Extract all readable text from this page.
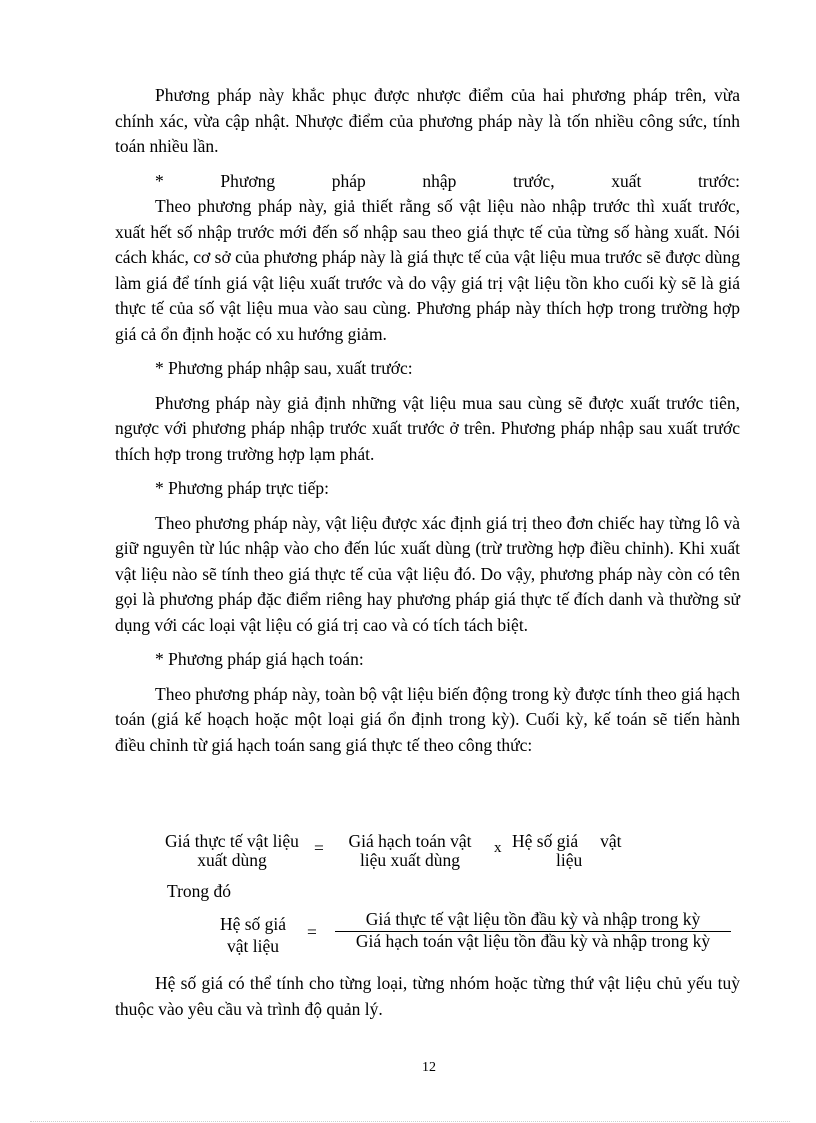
Phương pháp này khắc phục được nhược điểm của hai phương pháp trên, vừa chính xác, vừa cập nhật. Nhược điểm của phương pháp này là tốn nhiều công sức, tính toán nhiều lần.

* Phương pháp nhập trước, xuất trước:

Theo phương pháp này, giả thiết rằng số vật liệu nào nhập trước thì xuất trước, xuất hết số nhập trước mới đến số nhập sau theo giá thực tế của từng số hàng xuất. Nói cách khác, cơ sở của phương pháp này là giá thực tế của vật liệu mua trước sẽ được dùng làm giá để tính giá vật liệu xuất trước và do vậy giá trị vật liệu tồn kho cuối kỳ sẽ là giá thực tế của số vật liệu mua vào sau cùng. Phương pháp này thích hợp trong trường hợp giá cả ổn định hoặc có xu hướng giảm.

* Phương pháp nhập sau, xuất trước:

Phương pháp này giả định những vật liệu mua sau cùng sẽ được xuất trước tiên, ngược với phương pháp nhập trước xuất trước ở trên. Phương pháp nhập sau xuất trước thích hợp trong trường hợp lạm phát.

* Phương pháp trực tiếp:

Theo phương pháp này, vật liệu được xác định giá trị theo đơn chiếc hay từng lô và giữ nguyên từ lúc nhập vào cho đến lúc xuất dùng (trừ trường hợp điều chỉnh). Khi xuất vật liệu nào sẽ tính theo giá thực tế của vật liệu đó. Do vậy, phương pháp này còn có tên gọi là phương pháp đặc điểm riêng hay phương pháp giá thực tế đích danh và thường sử dụng với các loại vật liệu có giá trị cao và có tích tách biệt.

* Phương pháp giá hạch toán:

Theo phương pháp này, toàn bộ vật liệu biến động trong kỳ được tính theo giá hạch toán (giá kế hoạch hoặc một loại giá ổn định trong kỳ). Cuối kỳ, kế toán sẽ tiến hành điều chỉnh từ giá hạch toán sang giá thực tế theo công thức:

Giá thực tế vật liệu
xuất dùng
=	Giá hạch toán vật
liệu xuất dùng
x Hệ số giá vật
liệu
Trong đó
Hệ số giá
vật liệu
=
Giá thực tế vật liệu tồn đầu kỳ và nhập trong kỳ
Giá hạch toán vật liệu tồn đầu kỳ và nhập trong kỳ

Hệ số giá có thể tính cho từng loại, từng nhóm hoặc từng thứ vật liệu chủ yếu tuỳ thuộc vào yêu cầu và trình độ quản lý.

12
